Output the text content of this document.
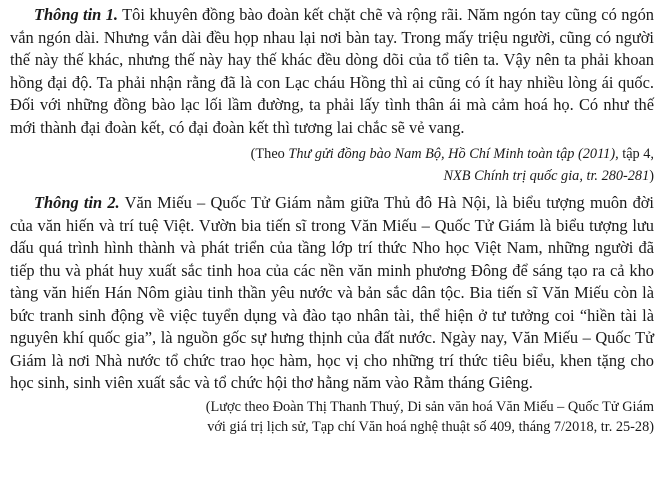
Thông tin 1. Tôi khuyên đồng bào đoàn kết chặt chẽ và rộng rãi. Năm ngón tay cũng có ngón vắn ngón dài. Nhưng vắn dài đều họp nhau lại nơi bàn tay. Trong mấy triệu người, cũng có người thế này thế khác, nhưng thế này hay thế khác đều dòng dõi của tổ tiên ta. Vậy nên ta phải khoan hồng đại độ. Ta phải nhận rằng đã là con Lạc cháu Hồng thì ai cũng có ít hay nhiều lòng ái quốc. Đối với những đồng bào lạc lối lầm đường, ta phải lấy tình thân ái mà cảm hoá họ. Có như thế mới thành đại đoàn kết, có đại đoàn kết thì tương lai chắc sẽ vẻ vang.

(Theo Thư gửi đồng bào Nam Bộ, Hồ Chí Minh toàn tập (2011), tập 4,
NXB Chính trị quốc gia, tr. 280-281)

Thông tin 2. Văn Miếu – Quốc Tử Giám nằm giữa Thủ đô Hà Nội, là biểu tượng muôn đời của văn hiến và trí tuệ Việt. Vườn bia tiến sĩ trong Văn Miếu – Quốc Tử Giám là biểu tượng lưu dấu quá trình hình thành và phát triển của tầng lớp trí thức Nho học Việt Nam, những người đã tiếp thu và phát huy xuất sắc tinh hoa của các nền văn minh phương Đông để sáng tạo ra cả kho tàng văn hiến Hán Nôm giàu tinh thần yêu nước và bản sắc dân tộc. Bia tiến sĩ Văn Miếu còn là bức tranh sinh động về việc tuyển dụng và đào tạo nhân tài, thể hiện ở tư tưởng coi “hiền tài là nguyên khí quốc gia”, là nguồn gốc sự hưng thịnh của đất nước. Ngày nay, Văn Miếu – Quốc Tử Giám là nơi Nhà nước tổ chức trao học hàm, học vị cho những trí thức tiêu biểu, khen tặng cho học sinh, sinh viên xuất sắc và tổ chức hội thơ hằng năm vào Rằm tháng Giêng.

(Lược theo Đoàn Thị Thanh Thuý, Di sản văn hoá Văn Miếu – Quốc Tử Giám
với giá trị lịch sử, Tạp chí Văn hoá nghệ thuật số 409, tháng 7/2018, tr. 25-28)
